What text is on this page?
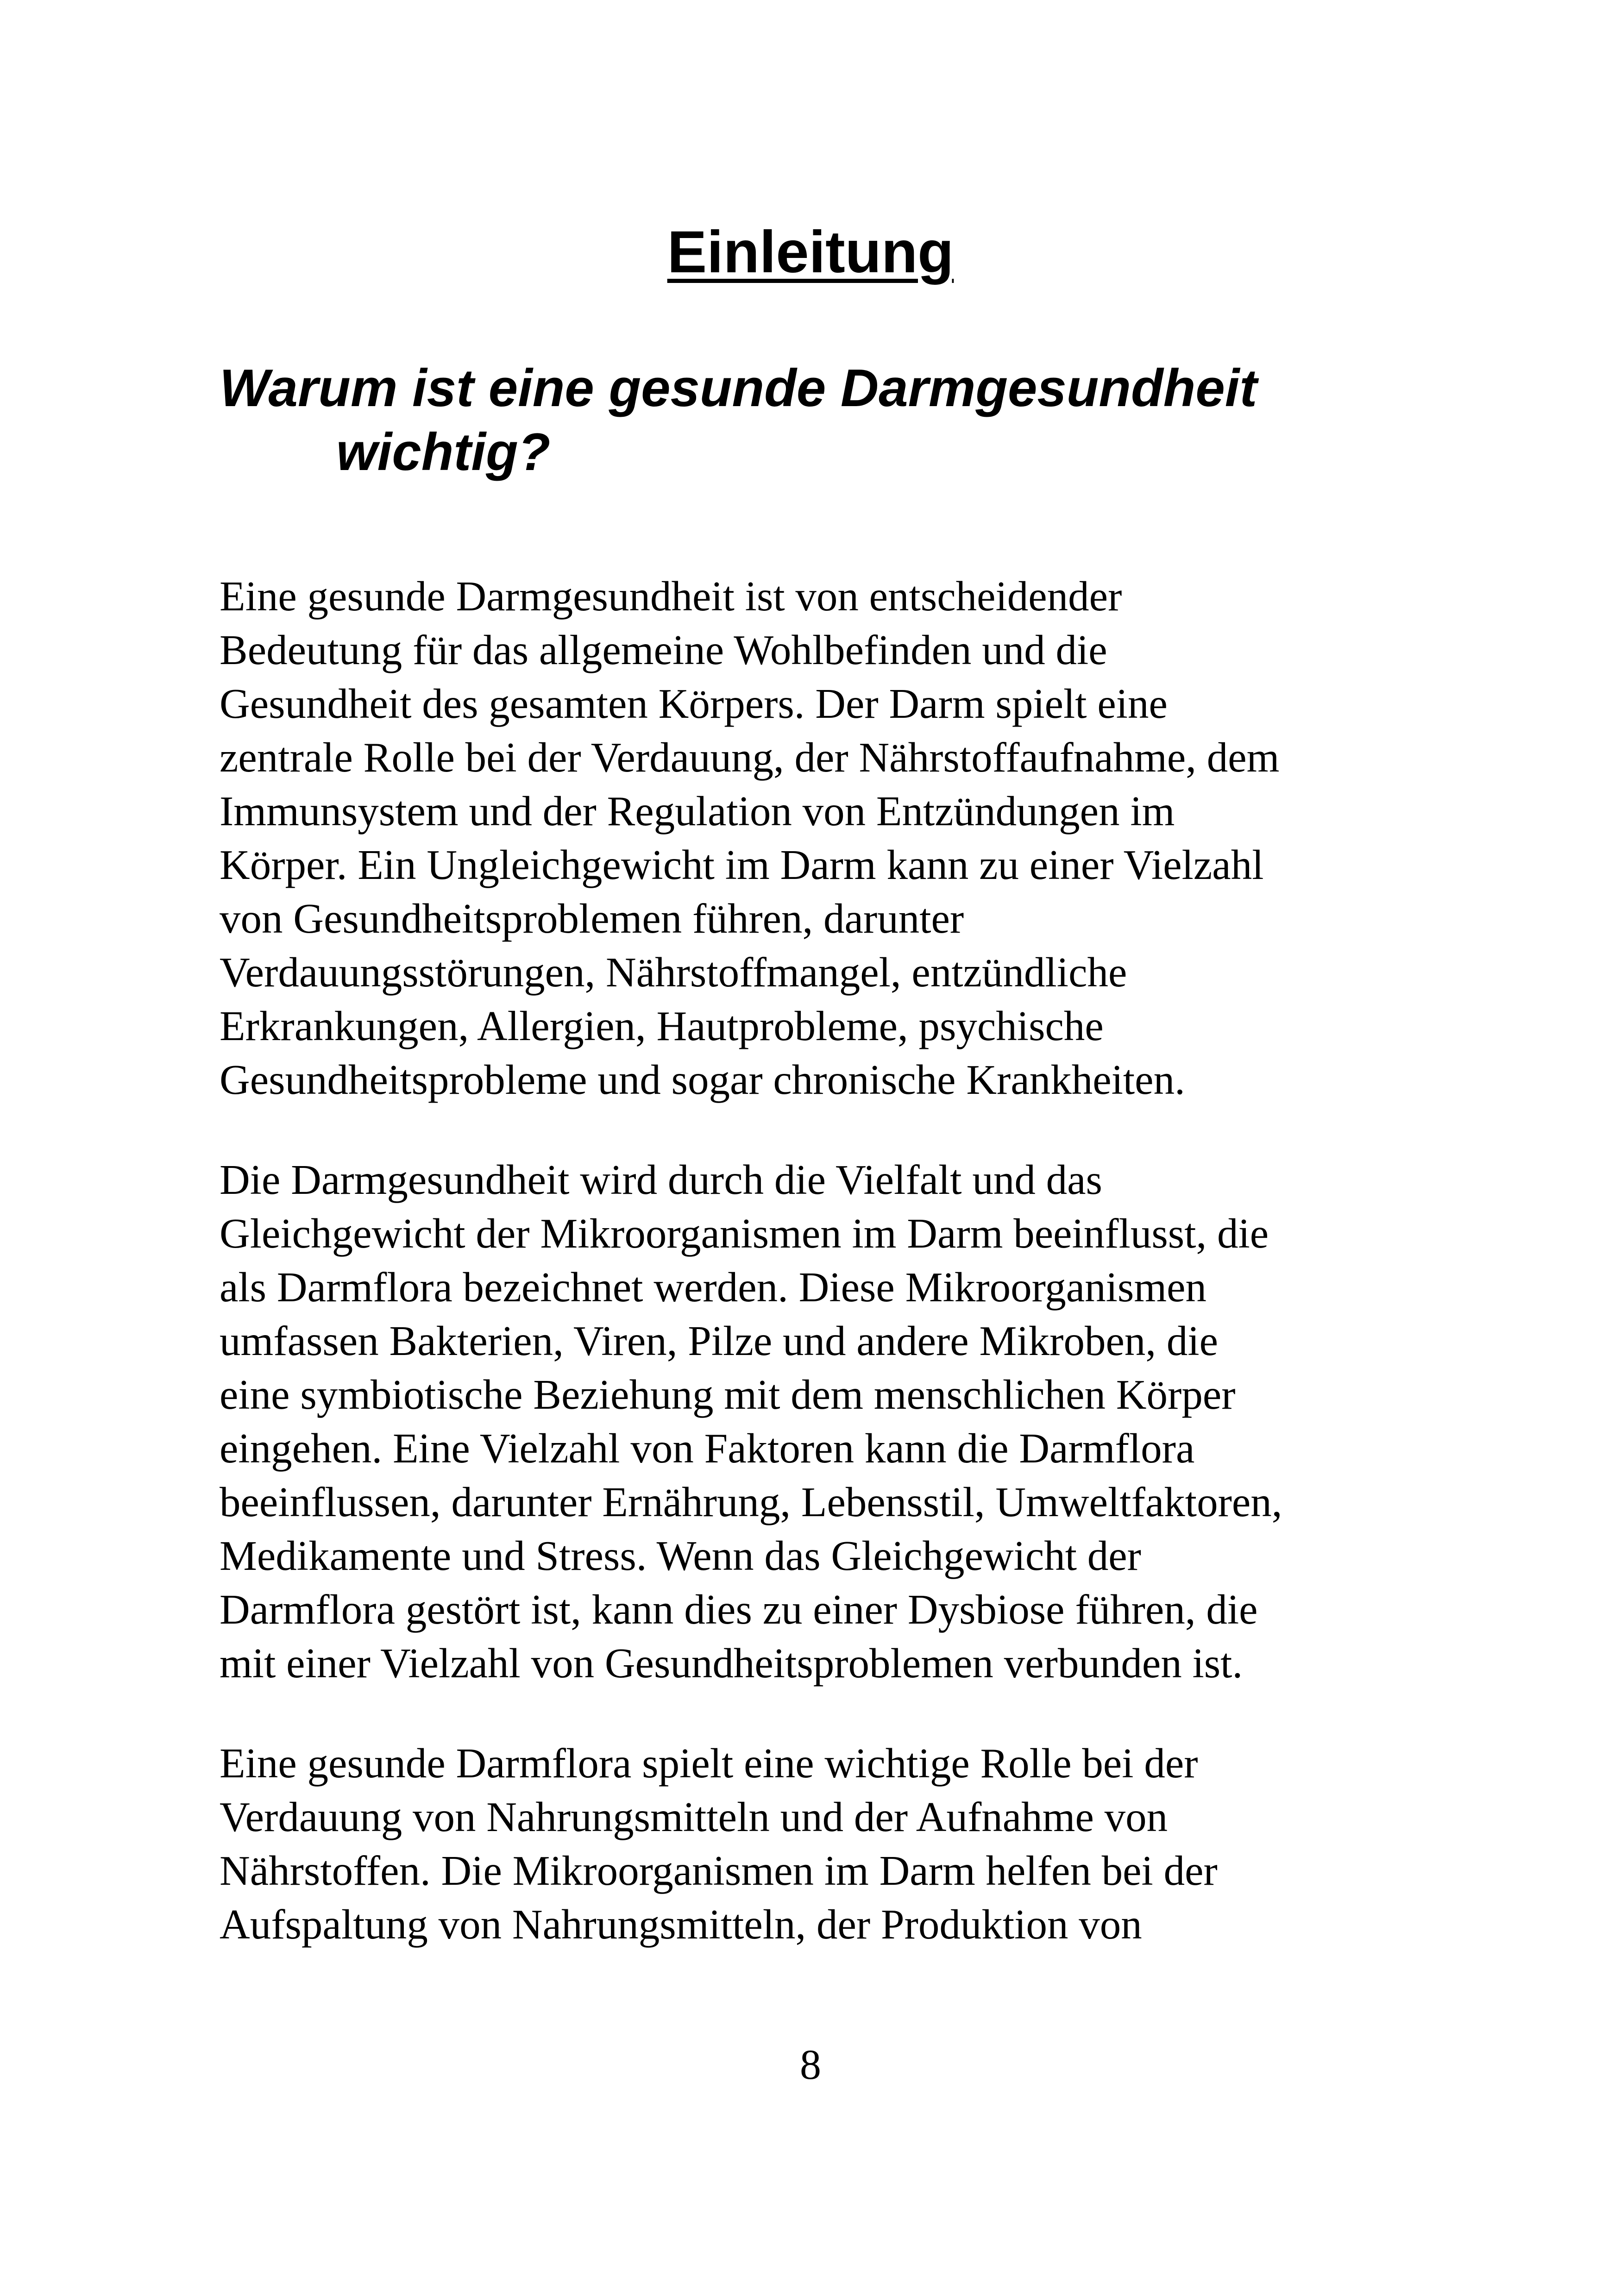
Einleitung
Warum ist eine gesunde Darmgesundheit
wichtig?

Eine gesunde Darmgesundheit ist von entscheidender
Bedeutung für das allgemeine Wohlbefinden und die
Gesundheit des gesamten Körpers. Der Darm spielt eine
zentrale Rolle bei der Verdauung, der Nährstoffaufnahme, dem
Immunsystem und der Regulation von Entzündungen im
Körper. Ein Ungleichgewicht im Darm kann zu einer Vielzahl
von Gesundheitsproblemen führen, darunter
Verdauungsstörungen, Nährstoffmangel, entzündliche
Erkrankungen, Allergien, Hautprobleme, psychische
Gesundheitsprobleme und sogar chronische Krankheiten.

Die Darmgesundheit wird durch die Vielfalt und das
Gleichgewicht der Mikroorganismen im Darm beeinflusst, die
als Darmflora bezeichnet werden. Diese Mikroorganismen
umfassen Bakterien, Viren, Pilze und andere Mikroben, die
eine symbiotische Beziehung mit dem menschlichen Körper
eingehen. Eine Vielzahl von Faktoren kann die Darmflora
beeinflussen, darunter Ernährung, Lebensstil, Umweltfaktoren,
Medikamente und Stress. Wenn das Gleichgewicht der
Darmflora gestört ist, kann dies zu einer Dysbiose führen, die
mit einer Vielzahl von Gesundheitsproblemen verbunden ist.

Eine gesunde Darmflora spielt eine wichtige Rolle bei der
Verdauung von Nahrungsmitteln und der Aufnahme von
Nährstoffen. Die Mikroorganismen im Darm helfen bei der
Aufspaltung von Nahrungsmitteln, der Produktion von

8
